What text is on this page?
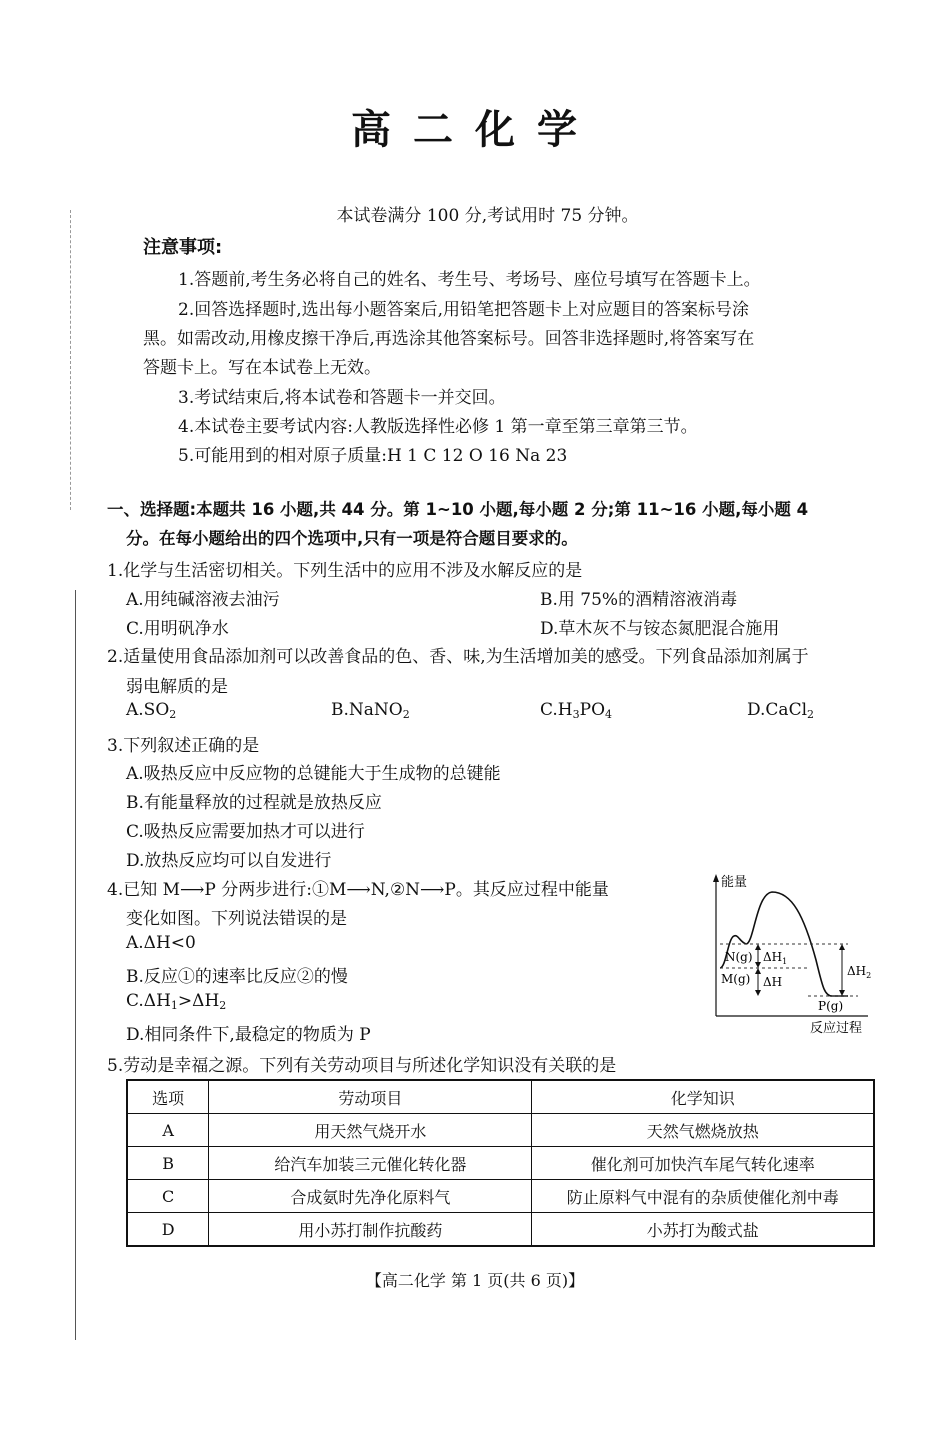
高二化学
本试卷满分 100 分,考试用时 75 分钟。
注意事项:
1.答题前,考生务必将自己的姓名、考生号、考场号、座位号填写在答题卡上。
2.回答选择题时,选出每小题答案后,用铅笔把答题卡上对应题目的答案标号涂
黑。如需改动,用橡皮擦干净后,再选涂其他答案标号。回答非选择题时,将答案写在
答题卡上。写在本试卷上无效。
3.考试结束后,将本试卷和答题卡一并交回。
4.本试卷主要考试内容:人教版选择性必修 1 第一章至第三章第三节。
5.可能用到的相对原子质量:H 1 C 12 O 16 Na 23
一、选择题:本题共 16 小题,共 44 分。第 1~10 小题,每小题 2 分;第 11~16 小题,每小题 4
分。在每小题给出的四个选项中,只有一项是符合题目要求的。
1.化学与生活密切相关。下列生活中的应用不涉及水解反应的是
A.用纯碱溶液去油污	B.用 75%的酒精溶液消毒
C.用明矾净水	D.草木灰不与铵态氮肥混合施用
2.适量使用食品添加剂可以改善食品的色、香、味,为生活增加美的感受。下列食品添加剂属于
弱电解质的是
$A.SO_2$	B.NaNO$_2$	$C.H_3PO_4$	D.CaCl$_2$
3.下列叙述正确的是
A.吸热反应中反应物的总键能大于生成物的总键能
B.有能量释放的过程就是放热反应
C.吸热反应需要加热才可以进行
D.放热反应均可以自发进行
4.已知 M⟶P 分两步进行:①M⟶N,②N⟶P。其反应过程中能量
变化如图。下列说法错误的是
A.ΔH<0
B.反应①的速率比反应②的慢
$C.\Delta H_1>\Delta H_2$
D.相同条件下,最稳定的物质为 P
能量
反应过程
N(g)
M(g)
P(g)
$\Delta H_1$
ΔH
$\Delta H_2$
5.劳动是幸福之源。下列有关劳动项目与所述化学知识没有关联的是
选项	劳动项目	化学知识
A	用天然气烧开水	天然气燃烧放热
B	给汽车加装三元催化转化器	催化剂可加快汽车尾气转化速率
C	合成氨时先净化原料气	防止原料气中混有的杂质使催化剂中毒
D	用小苏打制作抗酸药	小苏打为酸式盐
【高二化学 第 1 页(共 6 页)】
